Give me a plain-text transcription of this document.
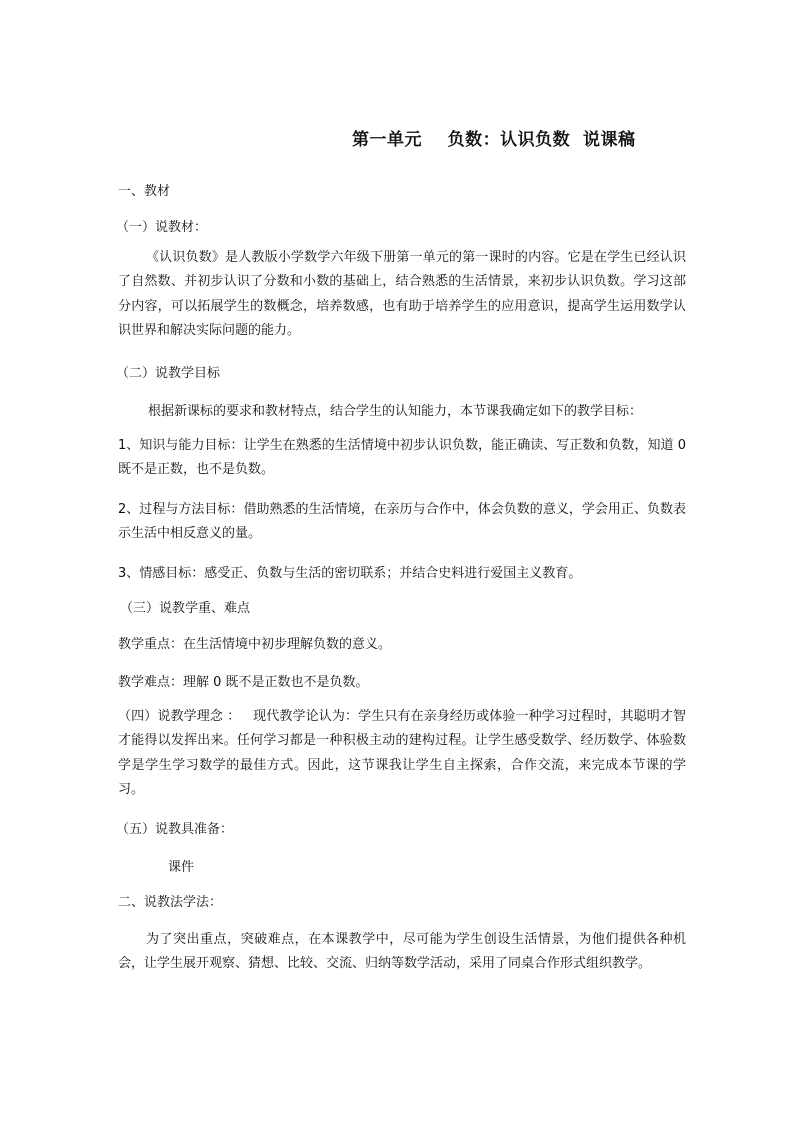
第一单元    负数：认识负数  说课稿
一、教材
（一）说教材：
《认识负数》是人教版小学数学六年级下册第一单元的第一课时的内容。它是在学生已经认识了自然数、并初步认识了分数和小数的基础上，结合熟悉的生活情景，来初步认识负数。学习这部分内容，可以拓展学生的数概念，培养数感，也有助于培养学生的应用意识，提高学生运用数学认识世界和解决实际问题的能力。
（二）说教学目标
根据新课标的要求和教材特点，结合学生的认知能力，本节课我确定如下的教学目标：
1、知识与能力目标：让学生在熟悉的生活情境中初步认识负数，能正确读、写正数和负数，知道 0 既不是正数，也不是负数。
2、过程与方法目标：借助熟悉的生活情境，在亲历与合作中，体会负数的意义，学会用正、负数表示生活中相反意义的量。
3、情感目标：感受正、负数与生活的密切联系；并结合史料进行爱国主义教育。
（三）说教学重、难点
教学重点：在生活情境中初步理解负数的意义。
教学难点：理解 0 既不是正数也不是负数。
（四）说教学理念 ：   现代教学论认为：学生只有在亲身经历或体验一种学习过程时，其聪明才智才能得以发挥出来。任何学习都是一种积极主动的建构过程。让学生感受数学、经历数学、体验数学是学生学习数学的最佳方式。因此，这节课我让学生自主探索，合作交流，来完成本节课的学习。
（五）说教具准备：
课件
二、说教法学法：
为了突出重点，突破难点，在本课教学中，尽可能为学生创设生活情景，为他们提供各种机会，让学生展开观察、猜想、比较、交流、归纳等数学活动，采用了同桌合作形式组织教学。
